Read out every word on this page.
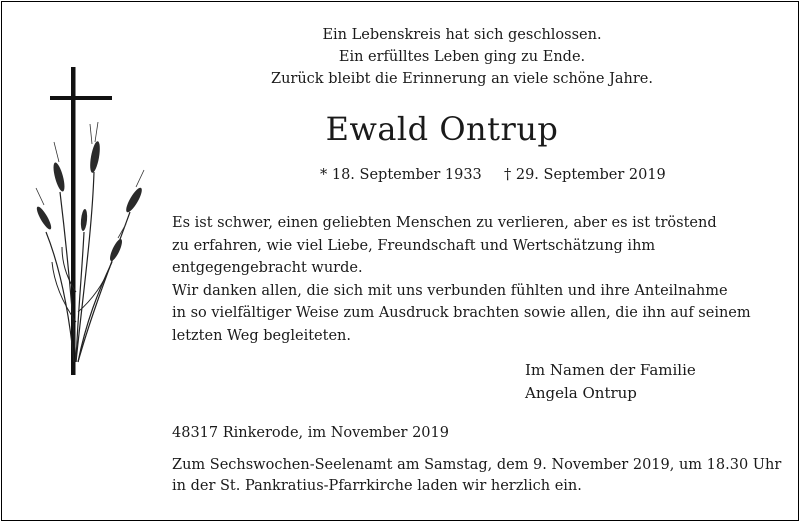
Ein Lebenskreis hat sich geschlossen.
Ein erfülltes Leben ging zu Ende.
Zurück bleibt die Erinnerung an viele schöne Jahre.
Ewald Ontrup
* 18. September 1933 † 29. September 2019
Es ist schwer, einen geliebten Menschen zu verlieren, aber es ist tröstend
zu erfahren, wie viel Liebe, Freundschaft und Wertschätzung ihm
entgegengebracht wurde.
Wir danken allen, die sich mit uns verbunden fühlten und ihre Anteilnahme
in so vielfältiger Weise zum Ausdruck brachten sowie allen, die ihn auf seinem
letzten Weg begleiteten.
Im Namen der Familie
Angela Ontrup
48317 Rinkerode, im November 2019
Zum Sechswochen-Seelenamt am Samstag, dem 9. November 2019, um 18.30 Uhr
in der St. Pankratius-Pfarrkirche laden wir herzlich ein.
